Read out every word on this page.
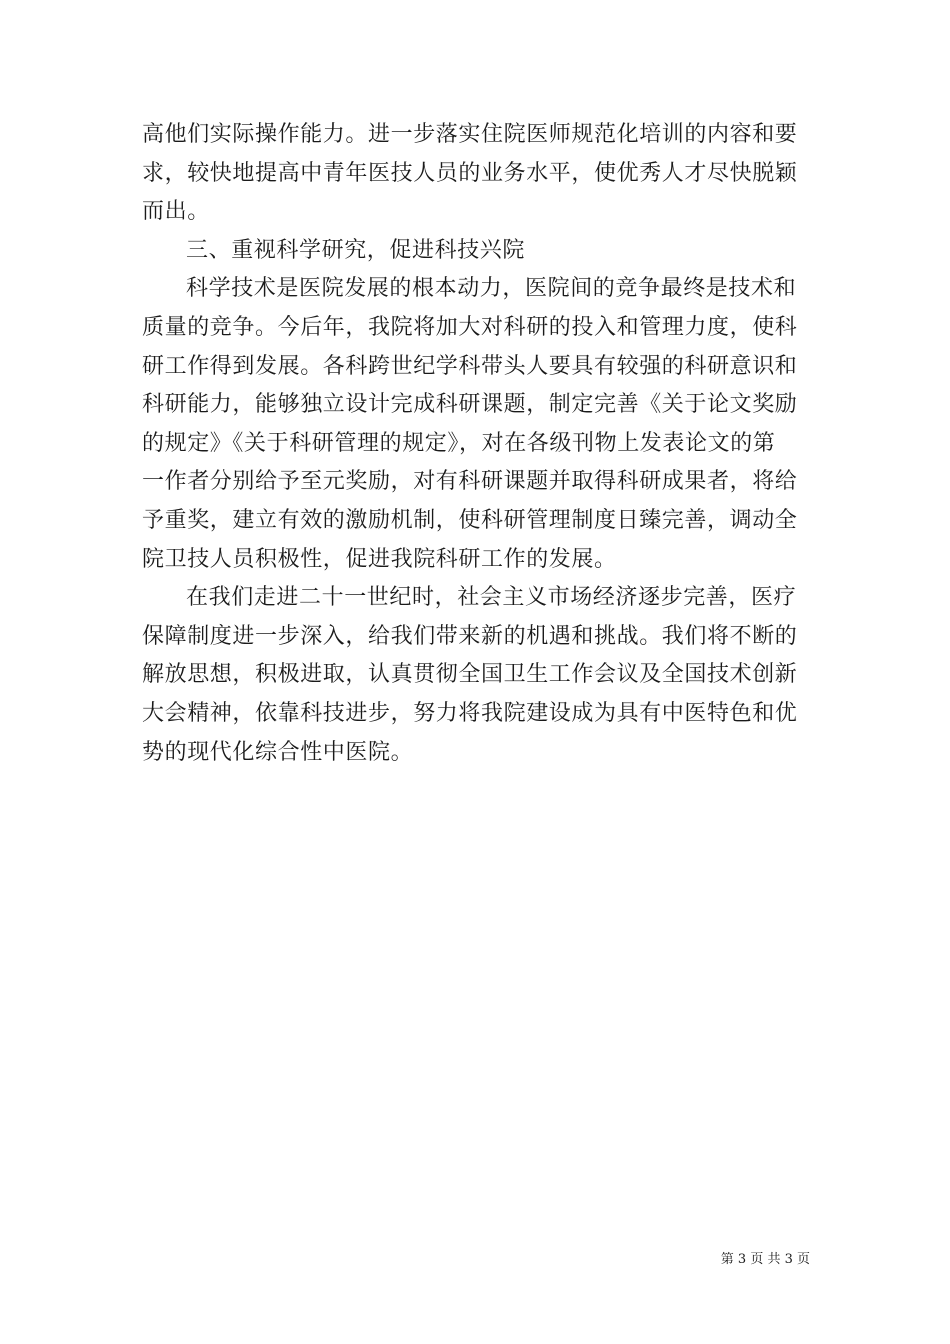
高他们实际操作能力。进一步落实住院医师规范化培训的内容和要
求，较快地提高中青年医技人员的业务水平，使优秀人才尽快脱颖
而出。
三、重视科学研究，促进科技兴院
科学技术是医院发展的根本动力，医院间的竞争最终是技术和
质量的竞争。今后年，我院将加大对科研的投入和管理力度，使科
研工作得到发展。各科跨世纪学科带头人要具有较强的科研意识和
科研能力，能够独立设计完成科研课题，制定完善《关于论文奖励
的规定》《关于科研管理的规定》，对在各级刊物上发表论文的第
一作者分别给予至元奖励，对有科研课题并取得科研成果者，将给
予重奖，建立有效的激励机制，使科研管理制度日臻完善，调动全
院卫技人员积极性，促进我院科研工作的发展。
在我们走进二十一世纪时，社会主义市场经济逐步完善，医疗
保障制度进一步深入，给我们带来新的机遇和挑战。我们将不断的
解放思想，积极进取，认真贯彻全国卫生工作会议及全国技术创新
大会精神，依靠科技进步，努力将我院建设成为具有中医特色和优
势的现代化综合性中医院。
第 3 页 共 3 页
